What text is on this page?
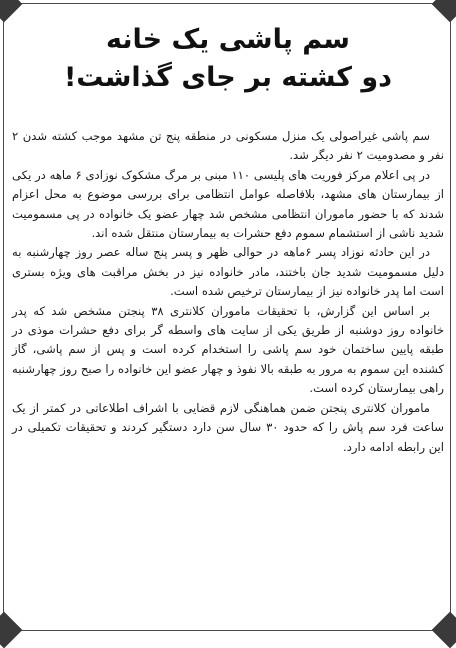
سم پاشی یک خانه
دو کشته بر جای گذاشت!

سم پاشی غیراصولی یک منزل مسکونی در منطقه پنج تن مشهد موجب کشته شدن ۲ نفر و مصدومیت ۲ نفر دیگر شد.

در پی اعلام مرکز فوریت های پلیسی ۱۱۰ مبنی بر مرگ مشکوک نوزادی ۶ ماهه در یکی از بیمارستان های مشهد، بلافاصله عوامل انتظامی برای بررسی موضوع به محل اعزام شدند که با حضور ماموران انتظامی مشخص شد چهار عضو یک خانواده در پی مسمومیت شدید ناشی از استشمام سموم دفع حشرات به بیمارستان منتقل شده اند.

در این حادثه نوزاد پسر ۶ماهه در حوالی ظهر و پسر پنج ساله عصر روز چهارشنبه به دلیل مسمومیت شدید جان باختند، مادر خانواده نیز در بخش مراقبت های ویژه بستری است اما پدر خانواده نیز از بیمارستان ترخیص شده است.

بر اساس این گزارش، با تحقیقات ماموران کلانتری ۳۸ پنجتن مشخص شد که پدر خانواده روز دوشنبه از طریق یکی از سایت های واسطه گر برای دفع حشرات موذی در طبقه پایین ساختمان خود سم پاشی را استخدام کرده است و پس از سم پاشی، گاز کشنده این سموم به مرور به طبقه بالا نفوذ و چهار عضو این خانواده را صبح روز چهارشنبه راهی بیمارستان کرده است.

ماموران کلانتری پنجتن ضمن هماهنگی لازم قضایی با اشراف اطلاعاتی در کمتر از یک ساعت فرد سم پاش را که حدود ۳۰ سال سن دارد دستگیر کردند و تحقیقات تکمیلی در این رابطه ادامه دارد.
